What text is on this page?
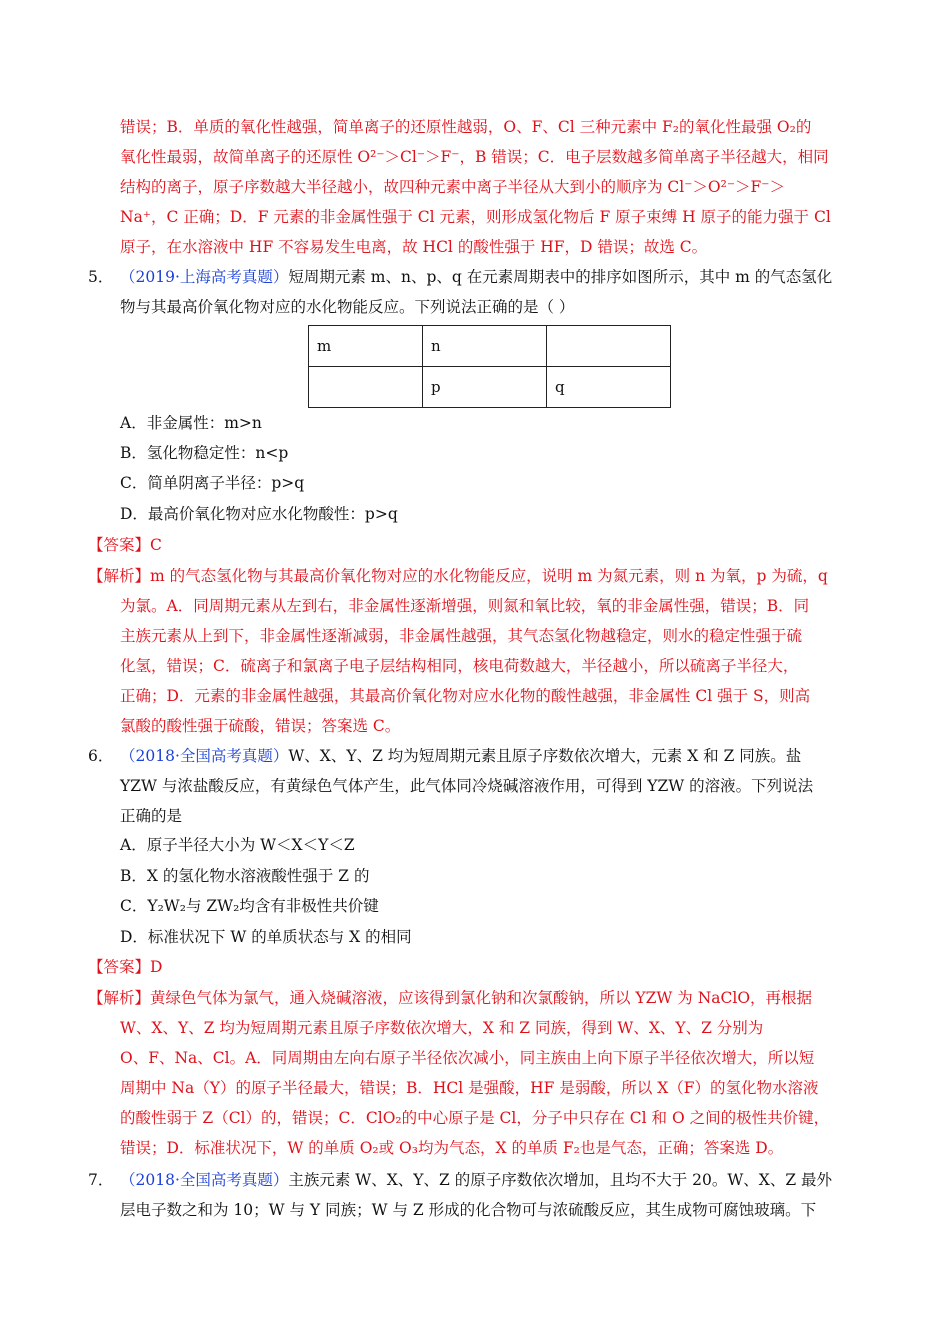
错误；B．单质的氧化性越强，简单离子的还原性越弱，O、F、Cl 三种元素中 F₂的氧化性最强 O₂的
氧化性最弱，故简单离子的还原性 O²⁻＞Cl⁻＞F⁻，B 错误；C．电子层数越多简单离子半径越大，相同
结构的离子，原子序数越大半径越小，故四种元素中离子半径从大到小的顺序为 Cl⁻＞O²⁻＞F⁻＞
Na⁺，C 正确；D．F 元素的非金属性强于 Cl 元素，则形成氢化物后 F 原子束缚 H 原子的能力强于 Cl
原子，在水溶液中 HF 不容易发生电离，故 HCl 的酸性强于 HF，D 错误；故选 C。
5． （2019·上海高考真题）短周期元素 m、n、p、q 在元素周期表中的排序如图所示，其中 m 的气态氢化
物与其最高价氧化物对应的水化物能反应。下列说法正确的是（ ）
m	n	
	p	q
A．非金属性：m>n
B．氢化物稳定性：n<p
C．简单阴离子半径：p>q
D．最高价氧化物对应水化物酸性：p>q
【答案】C
【解析】m 的气态氢化物与其最高价氧化物对应的水化物能反应，说明 m 为氮元素，则 n 为氧，p 为硫，q
为氯。A．同周期元素从左到右，非金属性逐渐增强，则氮和氧比较，氧的非金属性强，错误；B．同
主族元素从上到下，非金属性逐渐减弱，非金属性越强，其气态氢化物越稳定，则水的稳定性强于硫
化氢，错误；C．硫离子和氯离子电子层结构相同，核电荷数越大，半径越小，所以硫离子半径大，
正确；D．元素的非金属性越强，其最高价氧化物对应水化物的酸性越强，非金属性 Cl 强于 S，则高
氯酸的酸性强于硫酸，错误；答案选 C。
6． （2018·全国高考真题）W、X、Y、Z 均为短周期元素且原子序数依次增大，元素 X 和 Z 同族。盐
YZW 与浓盐酸反应，有黄绿色气体产生，此气体同冷烧碱溶液作用，可得到 YZW 的溶液。下列说法
正确的是
A．原子半径大小为 W＜X＜Y＜Z
B．X 的氢化物水溶液酸性强于 Z 的
C．Y₂W₂与 ZW₂均含有非极性共价键
D．标准状况下 W 的单质状态与 X 的相同
【答案】D
【解析】黄绿色气体为氯气，通入烧碱溶液，应该得到氯化钠和次氯酸钠，所以 YZW 为 NaClO，再根据
W、X、Y、Z 均为短周期元素且原子序数依次增大，X 和 Z 同族，得到 W、X、Y、Z 分别为
O、F、Na、Cl。A．同周期由左向右原子半径依次减小，同主族由上向下原子半径依次增大，所以短
周期中 Na（Y）的原子半径最大，错误；B．HCl 是强酸，HF 是弱酸，所以 X（F）的氢化物水溶液
的酸性弱于 Z（Cl）的，错误；C．ClO₂的中心原子是 Cl，分子中只存在 Cl 和 O 之间的极性共价键，
错误；D．标准状况下，W 的单质 O₂或 O₃均为气态，X 的单质 F₂也是气态，正确；答案选 D。
7． （2018·全国高考真题）主族元素 W、X、Y、Z 的原子序数依次增加，且均不大于 20。W、X、Z 最外
层电子数之和为 10；W 与 Y 同族；W 与 Z 形成的化合物可与浓硫酸反应，其生成物可腐蚀玻璃。下
